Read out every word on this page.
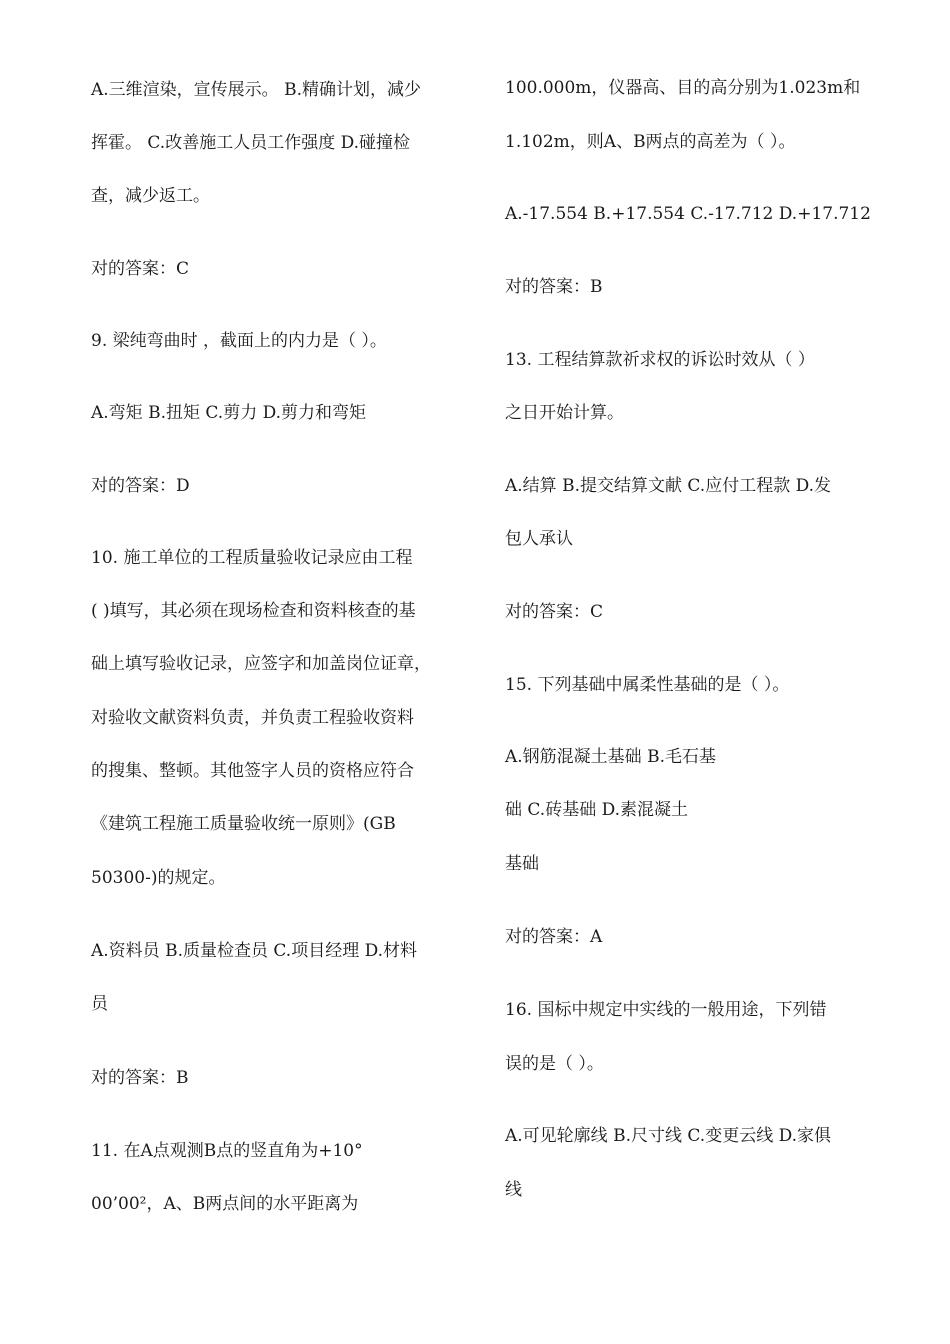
A.三维渲染，宣传展示。 B.精确计划，减少
挥霍。 C.改善施工人员工作强度 D.碰撞检
查，减少返工。
对的答案：C
9. 梁纯弯曲时 ，截面上的内力是（ ）。
A.弯矩 B.扭矩 C.剪力 D.剪力和弯矩
对的答案：D
10. 施工单位的工程质量验收记录应由工程
( )填写，其必须在现场检查和资料核查的基
础上填写验收记录，应签字和加盖岗位证章，
对验收文献资料负责，并负责工程验收资料
的搜集、整顿。其他签字人员的资格应符合
《建筑工程施工质量验收统一原则》(GB
50300-)的规定。
A.资料员 B.质量检查员 C.项目经理 D.材料
员
对的答案：B
11. 在A点观测B点的竖直角为+10°
00’00²，A、B两点间的水平距离为
100.000m，仪器高、目的高分别为1.023m和
1.102m，则A、B两点的高差为（ ）。
A.-17.554 B.+17.554 C.-17.712 D.+17.712
对的答案：B
13. 工程结算款祈求权的诉讼时效从（ ）
之日开始计算。
A.结算 B.提交结算文献 C.应付工程款 D.发
包人承认
对的答案：C
15. 下列基础中属柔性基础的是（ ）。
A.钢筋混凝土基础 B.毛石基
础 C.砖基础 D.素混凝土
基础
对的答案：A
16. 国标中规定中实线的一般用途，下列错
误的是（ ）。
A.可见轮廓线 B.尺寸线 C.变更云线 D.家俱
线
